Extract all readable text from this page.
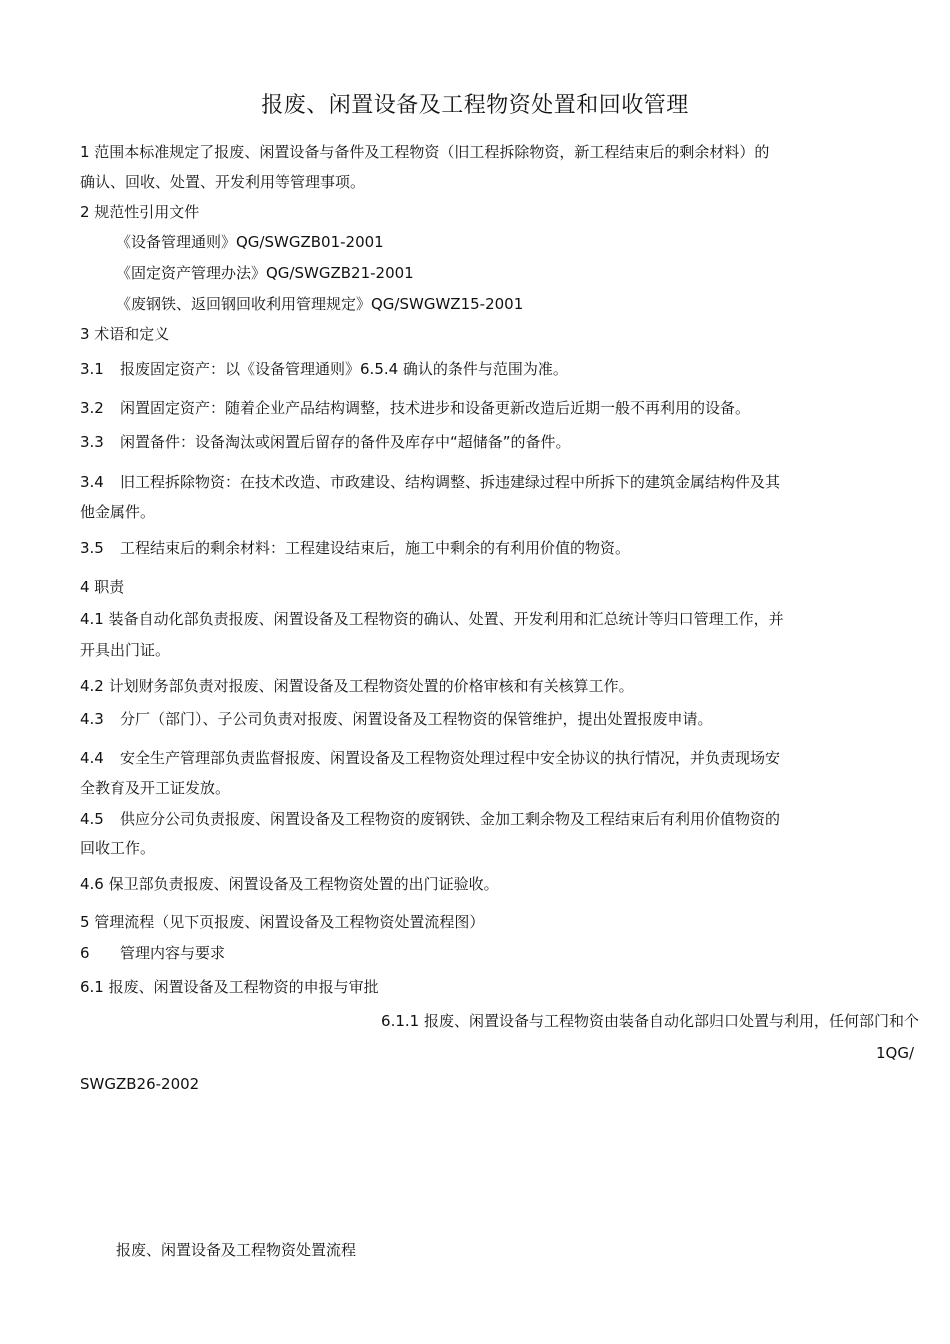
报废、闲置设备及工程物资处置和回收管理
1 范围本标准规定了报废、闲置设备与备件及工程物资（旧工程拆除物资，新工程结束后的剩余材料）的
确认、回收、处置、开发利用等管理事项。
2 规范性引用文件
《设备管理通则》QG/SWGZB01-2001
《固定资产管理办法》QG/SWGZB21-2001
《废钢铁、返回钢回收利用管理规定》QG/SWGWZ15-2001
3 术语和定义
3.1 报废固定资产：以《设备管理通则》6.5.4 确认的条件与范围为准。
3.2 闲置固定资产：随着企业产品结构调整，技术进步和设备更新改造后近期一般不再利用的设备。
3.3 闲置备件：设备淘汰或闲置后留存的备件及库存中“超储备”的备件。
3.4 旧工程拆除物资：在技术改造、市政建设、结构调整、拆违建绿过程中所拆下的建筑金属结构件及其
他金属件。
3.5 工程结束后的剩余材料：工程建设结束后，施工中剩余的有利用价值的物资。
4 职责
4.1 装备自动化部负责报废、闲置设备及工程物资的确认、处置、开发利用和汇总统计等归口管理工作，并
开具出门证。
4.2 计划财务部负责对报废、闲置设备及工程物资处置的价格审核和有关核算工作。
4.3 分厂（部门）、子公司负责对报废、闲置设备及工程物资的保管维护，提出处置报废申请。
4.4 安全生产管理部负责监督报废、闲置设备及工程物资处理过程中安全协议的执行情况，并负责现场安
全教育及开工证发放。
4.5 供应分公司负责报废、闲置设备及工程物资的废钢铁、金加工剩余物及工程结束后有利用价值物资的
回收工作。
4.6 保卫部负责报废、闲置设备及工程物资处置的出门证验收。
5 管理流程（见下页报废、闲置设备及工程物资处置流程图）
6 管理内容与要求
6.1 报废、闲置设备及工程物资的申报与审批
6.1.1 报废、闲置设备与工程物资由装备自动化部归口处置与利用，任何部门和个
1QG/
SWGZB26-2002
报废、闲置设备及工程物资处置流程
